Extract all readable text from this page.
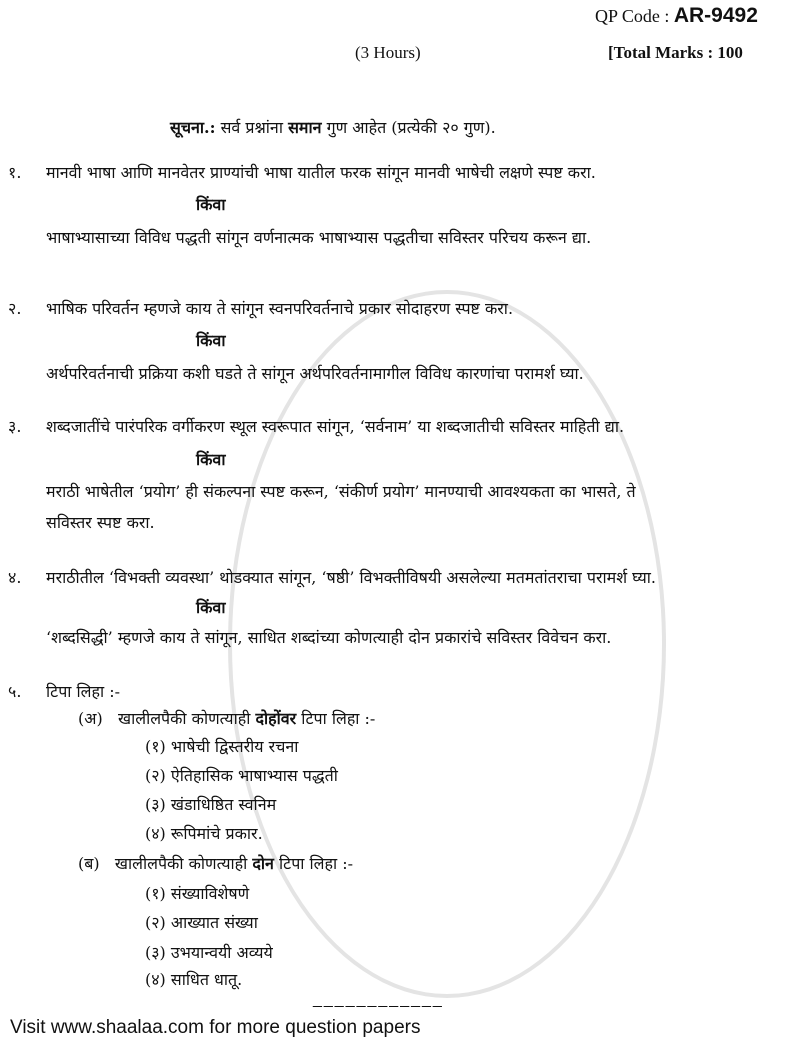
QP Code : AR-9492
(3 Hours)	[Total Marks : 100
सूचना.: सर्व प्रश्नांना समान गुण आहेत (प्रत्येकी २० गुण).
१. मानवी भाषा आणि मानवेतर प्राण्यांची भाषा यातील फरक सांगून मानवी भाषेची लक्षणे स्पष्ट करा.
किंवा
भाषाभ्यासाच्या विविध पद्धती सांगून वर्णनात्मक भाषाभ्यास पद्धतीचा सविस्तर परिचय करून द्या.
२. भाषिक परिवर्तन म्हणजे काय ते सांगून स्वनपरिवर्तनाचे प्रकार सोदाहरण स्पष्ट करा.
किंवा
अर्थपरिवर्तनाची प्रक्रिया कशी घडते ते सांगून अर्थपरिवर्तनामागील विविध कारणांचा परामर्श घ्या.
३. शब्दजातींचे पारंपरिक वर्गीकरण स्थूल स्वरूपात सांगून, ‘सर्वनाम’ या शब्दजातीची सविस्तर माहिती द्या.
किंवा
मराठी भाषेतील ‘प्रयोग’ ही संकल्पना स्पष्ट करून, ‘संकीर्ण प्रयोग’ मानण्याची आवश्यकता का भासते, ते
सविस्तर स्पष्ट करा.
४. मराठीतील ‘विभक्ती व्यवस्था’ थोडक्यात सांगून, ‘षष्ठी’ विभक्तीविषयी असलेल्या मतमतांतराचा परामर्श घ्या.
किंवा
‘शब्दसिद्धी’ म्हणजे काय ते सांगून, साधित शब्दांच्या कोणत्याही दोन प्रकारांचे सविस्तर विवेचन करा.
५. टिपा लिहा :-
(अ) खालीलपैकी कोणत्याही दोहोंवर टिपा लिहा :-
(१) भाषेची द्विस्तरीय रचना
(२) ऐतिहासिक भाषाभ्यास पद्धती
(३) खंडाधिष्ठित स्वनिम
(४) रूपिमांचे प्रकार.
(ब) खालीलपैकी कोणत्याही दोन टिपा लिहा :-
(१) संख्याविशेषणे
(२) आख्यात संख्या
(३) उभयान्वयी अव्यये
(४) साधित धातू.
____________
Visit www.shaalaa.com for more question papers
